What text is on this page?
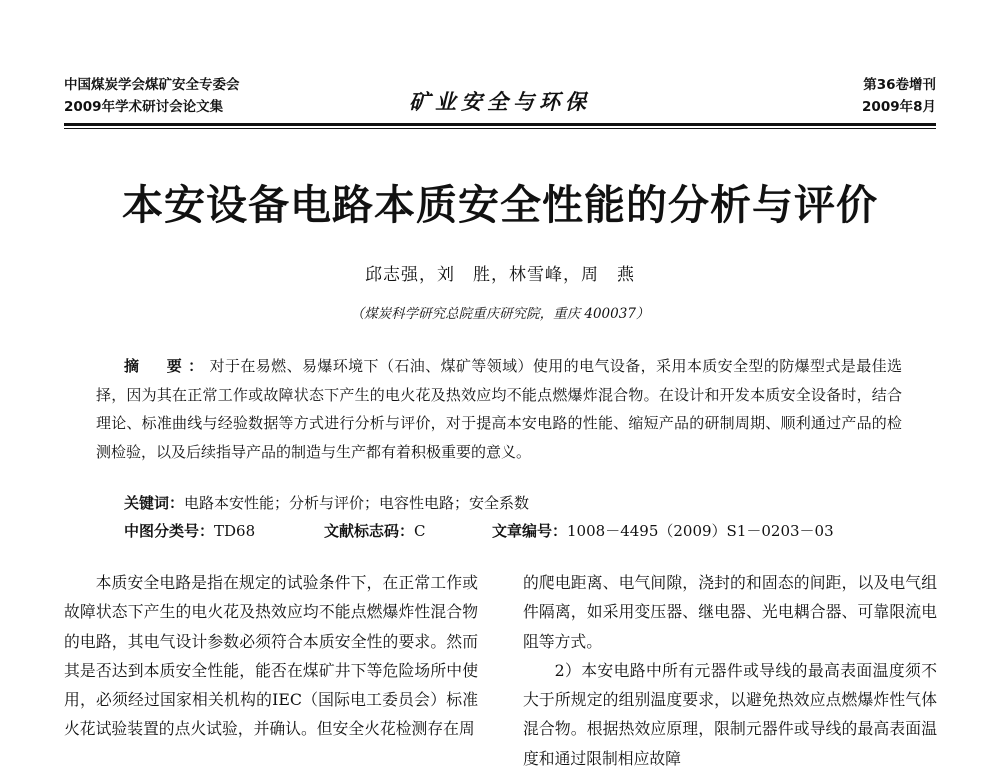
中国煤炭学会煤矿安全专委会
2009年学术研讨会论文集	矿业安全与环保
第36卷增刊
2009年8月
本安设备电路本质安全性能的分析与评价
邱志强，刘　胜，林雪峰，周　燕
（煤炭科学研究总院重庆研究院，重庆 400037）
摘　要：对于在易燃、易爆环境下（石油、煤矿等领域）使用的电气设备，采用本质安全型的防爆型式是最佳选择，因为其在正常工作或故障状态下产生的电火花及热效应均不能点燃爆炸混合物。在设计和开发本质安全设备时，结合理论、标准曲线与经验数据等方式进行分析与评价，对于提高本安电路的性能、缩短产品的研制周期、顺利通过产品的检测检验，以及后续指导产品的制造与生产都有着积极重要的意义。
关键词：电路本安性能；分析与评价；电容性电路；安全系数
中图分类号：TD68	文献标志码：C	文章编号：1008－4495（2009）S1－0203－03

本质安全电路是指在规定的试验条件下，在正常工作或故障状态下产生的电火花及热效应均不能点燃爆炸性混合物的电路，其电气设计参数必须符合本质安全性的要求。然而其是否达到本质安全性能，能否在煤矿井下等危险场所中使用，必须经过国家相关机构的IEC（国际电工委员会）标准火花试验装置的点火试验，并确认。但安全火花检测存在周

的爬电距离、电气间隙，浇封的和固态的间距，以及电气组件隔离，如采用变压器、继电器、光电耦合器、可靠限流电阻等方式。

2）本安电路中所有元器件或导线的最高表面温度须不大于所规定的组别温度要求，以避免热效应点燃爆炸性气体混合物。根据热效应原理，限制元器件或导线的最高表面温度和通过限制相应故障
